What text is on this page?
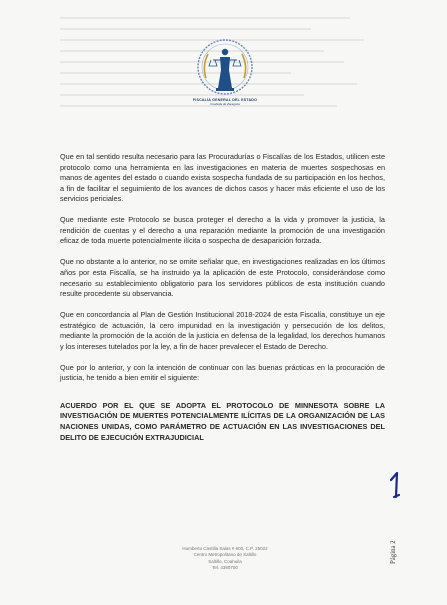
FISCALÍA GENERAL DEL ESTADO
Coahuila de Zaragoza

Que en tal sentido resulta necesario para las Procuradurías o Fiscalías de los Estados, utilicen este protocolo como una herramienta en las investigaciones en materia de muertes sospechosas en manos de agentes del estado o cuando exista sospecha fundada de su participación en los hechos, a fin de facilitar el seguimiento de los avances de dichos casos y hacer más eficiente el uso de los servicios periciales.

Que mediante este Protocolo se busca proteger el derecho a la vida y promover la justicia, la rendición de cuentas y el derecho a una reparación mediante la promoción de una investigación eficaz de toda muerte potencialmente ilícita o sospecha de desaparición forzada.

Que no obstante a lo anterior, no se omite señalar que, en investigaciones realizadas en los últimos años por esta Fiscalía, se ha instruido ya la aplicación de este Protocolo, considerándose como necesario su establecimiento obligatorio para los servidores públicos de esta institución cuando resulte procedente su observancia.

Que en concordancia al Plan de Gestión Institucional 2018-2024 de esta Fiscalía, constituye un eje estratégico de actuación, la cero impunidad en la investigación y persecución de los delitos, mediante la promoción de la acción de la justicia en defensa de la legalidad, los derechos humanos y los intereses tutelados por la ley, a fin de hacer prevalecer el Estado de Derecho.

Que por lo anterior, y con la intención de continuar con las buenas prácticas en la procuración de justicia, he tenido a bien emitir el siguiente:

ACUERDO POR EL QUE SE ADOPTA EL PROTOCOLO DE MINNESOTA SOBRE LA INVESTIGACIÓN DE MUERTES POTENCIALMENTE ILÍCITAS DE LA ORGANIZACIÓN DE LAS NACIONES UNIDAS, COMO PARÁMETRO DE ACTUACIÓN EN LAS INVESTIGACIONES DEL DELITO DE EJECUCIÓN EXTRAJUDICIAL
Página 2
Humberto Castilla Salas # 600, C.P. 25022
Centro Metropolitano de Saltillo
Saltillo, Coahuila
Tel. 4380700
